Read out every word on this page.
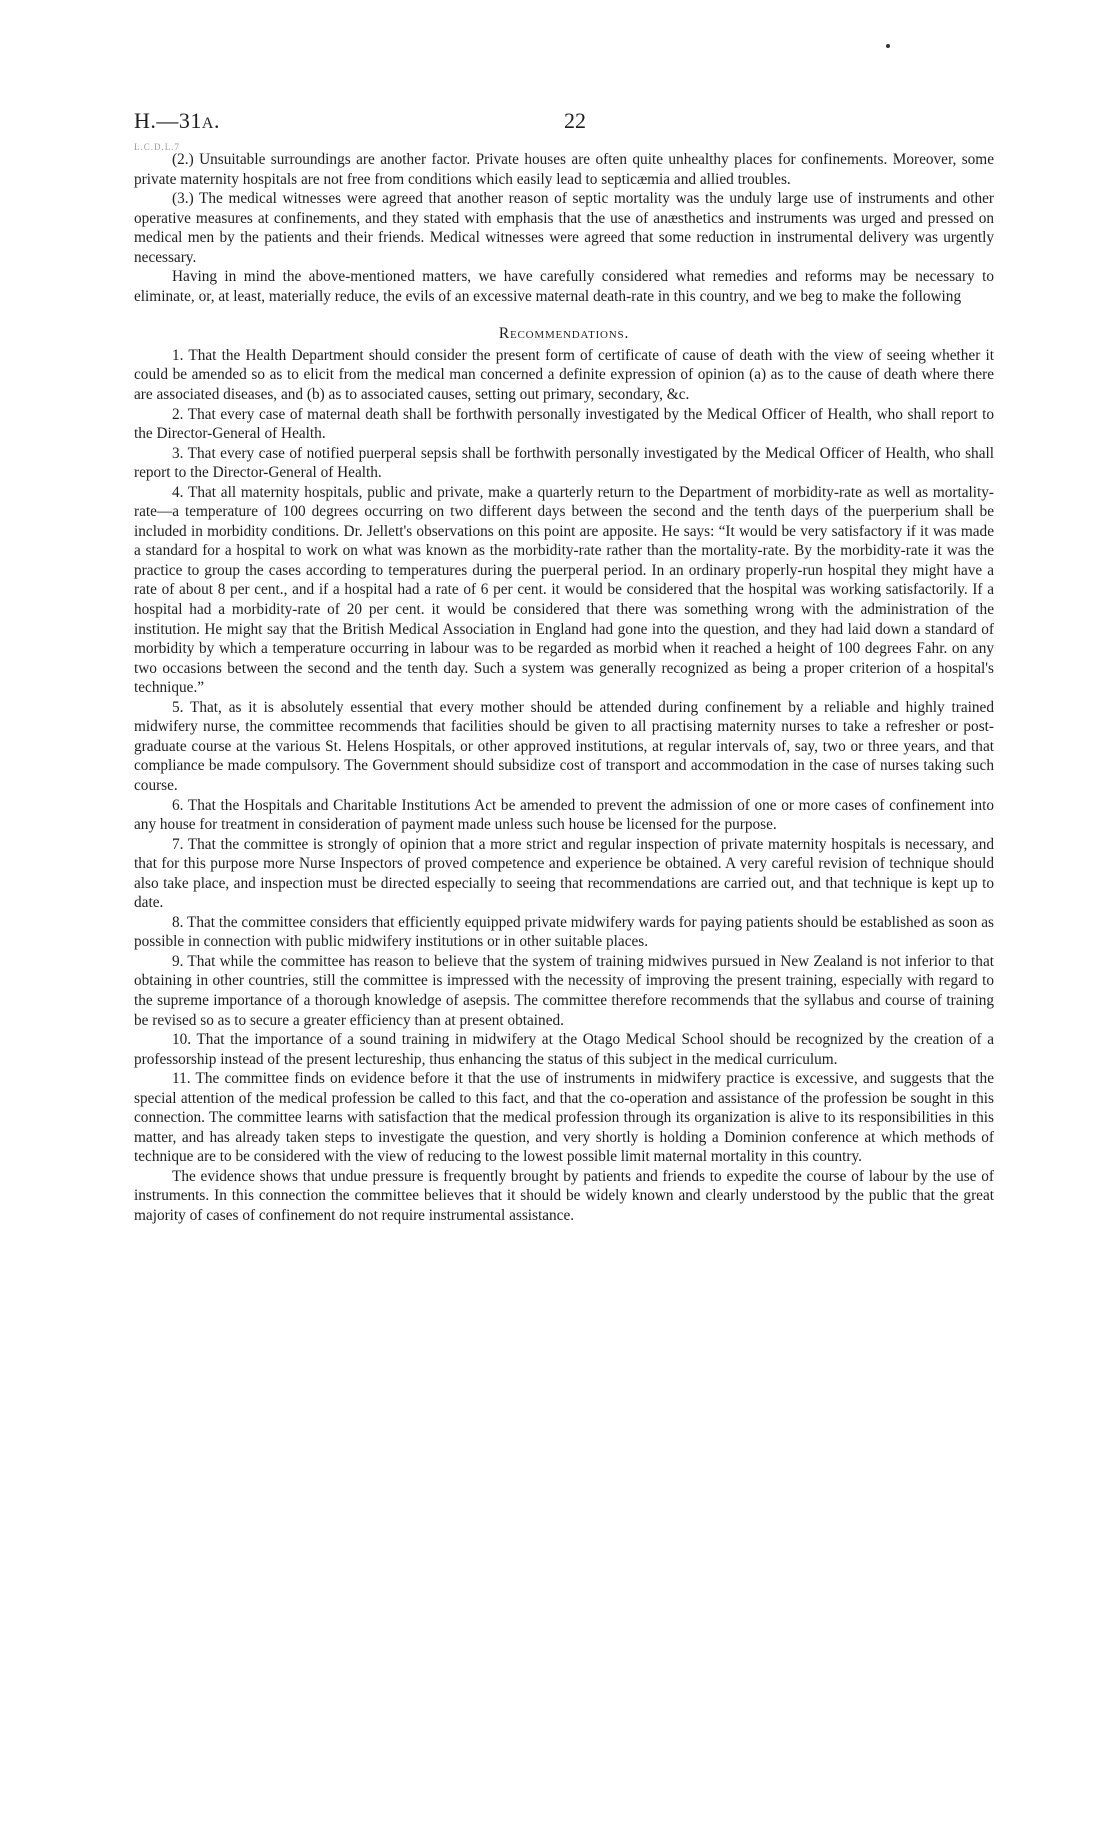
H.—31A.	22
L.C.D.L.7

(2.) Unsuitable surroundings are another factor. Private houses are often quite unhealthy places for confinements. Moreover, some private maternity hospitals are not free from conditions which easily lead to septicæmia and allied troubles.

(3.) The medical witnesses were agreed that another reason of septic mortality was the unduly large use of instruments and other operative measures at confinements, and they stated with emphasis that the use of anæsthetics and instruments was urged and pressed on medical men by the patients and their friends. Medical witnesses were agreed that some reduction in instrumental delivery was urgently necessary.

Having in mind the above-mentioned matters, we have carefully considered what remedies and reforms may be necessary to eliminate, or, at least, materially reduce, the evils of an excessive maternal death-rate in this country, and we beg to make the following

Recommendations.

1. That the Health Department should consider the present form of certificate of cause of death with the view of seeing whether it could be amended so as to elicit from the medical man concerned a definite expression of opinion (a) as to the cause of death where there are associated diseases, and (b) as to associated causes, setting out primary, secondary, &c.

2. That every case of maternal death shall be forthwith personally investigated by the Medical Officer of Health, who shall report to the Director-General of Health.

3. That every case of notified puerperal sepsis shall be forthwith personally investigated by the Medical Officer of Health, who shall report to the Director-General of Health.

4. That all maternity hospitals, public and private, make a quarterly return to the Department of morbidity-rate as well as mortality-rate—a temperature of 100 degrees occurring on two different days between the second and the tenth days of the puerperium shall be included in morbidity conditions. Dr. Jellett's observations on this point are apposite. He says: “It would be very satisfactory if it was made a standard for a hospital to work on what was known as the morbidity-rate rather than the mortality-rate. By the morbidity-rate it was the practice to group the cases according to temperatures during the puerperal period. In an ordinary properly-run hospital they might have a rate of about 8 per cent., and if a hospital had a rate of 6 per cent. it would be considered that the hospital was working satisfactorily. If a hospital had a morbidity-rate of 20 per cent. it would be considered that there was something wrong with the administration of the institution. He might say that the British Medical Association in England had gone into the question, and they had laid down a standard of morbidity by which a temperature occurring in labour was to be regarded as morbid when it reached a height of 100 degrees Fahr. on any two occasions between the second and the tenth day. Such a system was generally recognized as being a proper criterion of a hospital's technique.”

5. That, as it is absolutely essential that every mother should be attended during confinement by a reliable and highly trained midwifery nurse, the committee recommends that facilities should be given to all practising maternity nurses to take a refresher or post-graduate course at the various St. Helens Hospitals, or other approved institutions, at regular intervals of, say, two or three years, and that compliance be made compulsory. The Government should subsidize cost of transport and accommodation in the case of nurses taking such course.

6. That the Hospitals and Charitable Institutions Act be amended to prevent the admission of one or more cases of confinement into any house for treatment in consideration of payment made unless such house be licensed for the purpose.

7. That the committee is strongly of opinion that a more strict and regular inspection of private maternity hospitals is necessary, and that for this purpose more Nurse Inspectors of proved competence and experience be obtained. A very careful revision of technique should also take place, and inspection must be directed especially to seeing that recommendations are carried out, and that technique is kept up to date.

8. That the committee considers that efficiently equipped private midwifery wards for paying patients should be established as soon as possible in connection with public midwifery institutions or in other suitable places.

9. That while the committee has reason to believe that the system of training midwives pursued in New Zealand is not inferior to that obtaining in other countries, still the committee is impressed with the necessity of improving the present training, especially with regard to the supreme importance of a thorough knowledge of asepsis. The committee therefore recommends that the syllabus and course of training be revised so as to secure a greater efficiency than at present obtained.

10. That the importance of a sound training in midwifery at the Otago Medical School should be recognized by the creation of a professorship instead of the present lectureship, thus enhancing the status of this subject in the medical curriculum.

11. The committee finds on evidence before it that the use of instruments in midwifery practice is excessive, and suggests that the special attention of the medical profession be called to this fact, and that the co-operation and assistance of the profession be sought in this connection. The committee learns with satisfaction that the medical profession through its organization is alive to its responsibilities in this matter, and has already taken steps to investigate the question, and very shortly is holding a Dominion conference at which methods of technique are to be considered with the view of reducing to the lowest possible limit maternal mortality in this country.

The evidence shows that undue pressure is frequently brought by patients and friends to expedite the course of labour by the use of instruments. In this connection the committee believes that it should be widely known and clearly understood by the public that the great majority of cases of confinement do not require instrumental assistance.
